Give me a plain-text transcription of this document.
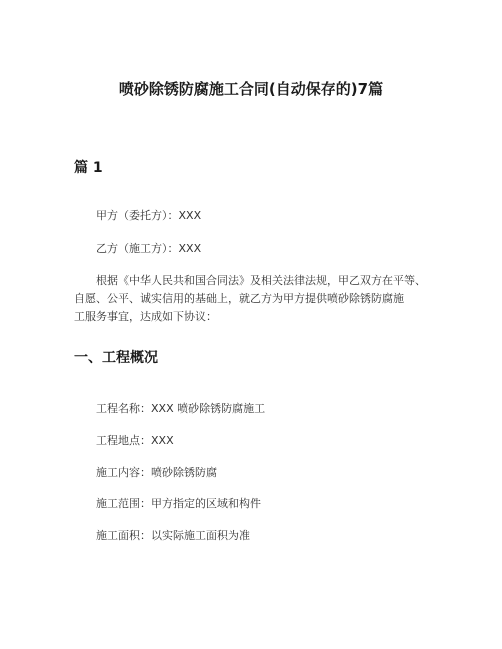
喷砂除锈防腐施工合同(自动保存的)7篇
篇 1
甲方（委托方）：XXX
乙方（施工方）：XXX
根据《中华人民共和国合同法》及相关法律法规，甲乙双方在平等、
自愿、公平、诚实信用的基础上，就乙方为甲方提供喷砂除锈防腐施
工服务事宜，达成如下协议：
一、工程概况
工程名称：XXX 喷砂除锈防腐施工
工程地点：XXX
施工内容：喷砂除锈防腐
施工范围：甲方指定的区域和构件
施工面积：以实际施工面积为准
